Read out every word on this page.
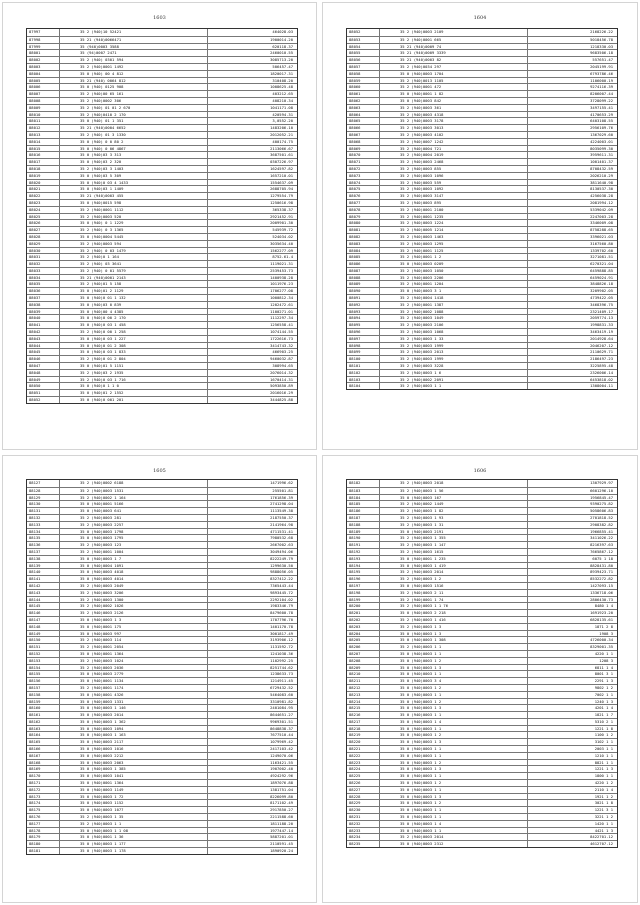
1603
87997	35 2 (940)10 52421	464028.03
87998	35 21 (940)0066471	1900014.20
87999	35 (940)0003 3588	620118.37
88001	35 (94)0007 2471	2460010.55
88002	35 2 (940) 0301 594	3085713.20
88003	35 2 (940)0001 1492	506457.47
88004	35 0 (940) 00 4 812	1820017.31
88005	35 21 (940) 0064 812	310408.20
88006	35 0 (940) 0125 908	1008625.48
88007	35 2 (940)00 65 161	403212.65
88008	35 2 (940)0002 306	408210.34
88009	35 2 (940) 01 01 2 670	1041171.08
88010	35 2 (940)0410 2 170	420594.31
88011	35 0 (940) 01 1 351	3,0552.20
88012	35 21 (940)0004 6652	1483206.10
88013	35 2 (940) 01 3 1330	2012052.21
88014	35 0 (940) 0 0 80 2	400174.75
88015	35 0 (940) 0 06 4867	2113066.67
88016	35 0 (940)03 3 313	3687501.61
88017	35 0 (940)03 2 320	0307226.97
88018	35 2 (940)03 3 1403	1624597.82
88019	35 0 (940)03 5 309	1657210.01
88020	35 0 (940)0 03 4 1433	1554637.09
88021	35 0 (940)03 1 1409	2688705.94
88022	35 21 (940)0003 455	1279554.79
88023	35 0 (940)0015 598	1250616.98
88024	35 2 (940)0001 1112	365338.37
88025	35 2 (940)0003 520	2921452.91
88026	35 0 (940) 0 1 1229	2009901.30
88027	35 2 (940) 0 3 1365	545939.72
88028	35 0 (940)0004 5445	524034.02
88029	35 2 (940)0003 594	3035634.40
88030	35 2 (940) 0 03 1479	1562277.09
88031	35 2 (940)0 1 164	8752.61.4
88032	35 2 (940) 03 3641	1119021.31
88033	35 2 (940) 0 01 5579	2539453.73
88034	35 21 (940)0001 2143	1400938.28
88035	35 2 (940)01 5 158	1011976.23
88036	35 0 (940)01 2 1129	1706277.08
88037	35 0 (940)0 01 1 132	1000812.34
88038	35 0 (940)03 0 839	1202472.61
88039	35 0 (940)00 4 4385	1100271.01
88040	35 0 (940)0 00 2 170	1112297.34
88041	35 0 (940)0 03 1 458	1256558.41
88042	35 2 (940)0 00 1 258	1074144.55
88043	35 0 (940)0 03 1 227	1722616.73
88044	35 0 (940)0 01 2 308	3414743.32
88045	35 0 (940)0 03 1 833	466903.25
88046	35 2 (940)0 01 2 804	9460032.87
88047	35 0 (940)01 5 1151	308994.65
88048	35 2 (940)03 2 1935	2076014.32
88049	35 2 (940)0 03 1 716	1670414.31
88050	35 0 (940)0 1 1 0	5093850.89
88051	35 0 (940)01 2 1552	2016016.29
88052	35 0 (940)0 001 201	3444825.88
1604
88052	35 2 (940)0003 2109	2168226.22
88053	35 2 (940)0001 665	5018456.78
88054	35 21 (940)0009 74	1218330.03
88055	35 21 (940)0009 3339	9683506.18
88056	35 21 (940)0003 82	557651.47
88057	35 2 (940)0034 297	2045199.91
88058	35 0 (940)0003 1704	6793786.46
88059	35 2 (940)0013 1105	1106000.19
88060	35 2 (940)0001 472	9274116.39
88061	35 0 (940)0001 1 82	8206007.44
88062	35 0 (940)0003 842	3728099.22
88063	35 2 (940)0003 361	3497155.41
88064	35 2 (940)0003 4318	4170653.29
88065	35 2 (940)0003 3178	6403108.55
88066	35 2 (940)0003 3013	2956109.76
88067	35 2 (940)0003 4102	1367029.60
88068	35 2 (940)0007 1242	4224003.01
88069	35 2 (940)0004 721	8035099.30
88070	35 2 (940)0004 2019	3959611.31
88071	35 2 (940)0003 2468	1001401.37
88072	35 2 (940)0003 855	8708432.59
88073	35 2 (940)0003 1096	2026210.29
88074	35 2 (940)0003 559	3811640.98
88075	35 2 (940)0003 1092	8130537.30
88076	35 2 (940)0003 3147	4256038.28
88077	35 2 (940)0003 895	2081994.12
88078	35 2 (940)0001 2100	5339042.09
88079	35 2 (940)0001 1235	2247003.28
88080	35 2 (940)0003 1224	3346009.08
88081	35 2 (940)0005 1214	8758288.65
88082	35 2 (940)0003 1463	3396021.03
88083	35 2 (940)0003 1295	3167560.80
88084	35 2 (940)0001 1125	1339702.60
88085	35 2 (940)0001 1 2	3271081.51
88086	35 0 (940)0003 0209	6270321.04
88087	35 2 (940)0003 1050	6459888.85
88088	35 2 (940)0003 2206	6459024.91
88089	35 2 (940)0001 1204	3848826.18
88090	35 0 (940)0003 3 1	3209902.05
88091	35 2 (940)0004 1418	4739422.05
88092	35 2 (940)0001 1387	3468396.75
88093	35 2 (940)0002 1088	2321409.17
88094	35 2 (940)0003 1049	2059774.13
88095	35 2 (940)0003 2106	1998831.33
88096	35 2 (940)0003 1068	3463419.19
88097	35 2 (940)0003 1 33	2014928.64
88098	35 2 (940)0003 1999	2046207.12
88099	35 2 (940)0003 2013	2110629.71
88100	35 2 (940)0003 1999	2186497.23
88101	35 2 (940)0003 3228	3225895.48
88102	35 2 (940)0003 1 6	2326006.14
88103	35 2 (940)0002 2091	6453818.02
88104	35 2 (940)0003 1 1	1308004.11
1605
88127	35 2 (940)0002 6188	1471996.62
88128	35 2 (940)0003 1531	255501.81
88129	35 2 (940)0002 1 164	1761856.39
88130	35 0 (940)0001 5166	2741298.04
88131	35 0 (940)0003 641	1113549.38
88132	35 2 (940)0003 281	2187550.37
88133	35 2 (940)0003 2257	2141964.98
88134	35 0 (940)0003 1798	4711531.41
88135	35 0 (940)0003 1795	7980532.68
88136	35 2 (940)0003 123	2667002.63
88137	35 2 (940)0001 1004	3049494.06
88138	35 0 (940)0003 1 7	8222249.79
88139	35 0 (940)0004 1091	1299630.50
88140	35 0 (940)0003 4018	9888056.05
88141	35 0 (940)0003 4014	8327412.22
88142	35 2 (940)0003 2049	7365443.44
88143	35 2 (940)0003 3206	9893445.72
88144	35 2 (940)0003 1300	2292104.02
88145	35 2 (940)0002 1026	1983346.79
88146	35 2 (940)0003 2126	8479600.78
88147	35 0 (940)0003 1 3	1707796.70
88148	35 0 (940)0001 175	1401170.78
88149	35 0 (940)0003 997	3001817.49
88150	35 2 (940)0003 114	3193906.12
88151	35 2 (940)0001 2054	1131592.72
88152	35 0 (940)0001 1364	1241038.36
88153	35 2 (940)0003 1024	1102992.25
88154	35 2 (940)0003 2036	8251744.62
88155	35 0 (940)0003 2779	1238633.73
88156	35 0 (940)0001 1134	1214911.45
88157	35 2 (940)0001 1174	6729432.52
88158	35 0 (940)0001 4326	5464083.60
88159	35 0 (940)0003 1331	3310981.82
88160	35 0 (940)0003 1 146	2401084.95
88161	35 0 (940)0003 2014	8644651.27
88162	35 0 (940)0003 1 362	9969301.51
88163	35 0 (940)0003 1094	8648838.37
88164	35 0 (940)0003 1 163	7677510.44
88165	35 0 (940)0003 2117	1079969.42
88166	35 0 (940)0003 1016	2417103.42
88167	35 0 (940)0003 2212	1249070.06
88168	35 0 (940)0003 2063	1163421.55
88169	35 0 (940)0003 1 385	1907002.40
88170	35 0 (940)0003 1041	4924292.96
88171	35 0 (940)0001 1364	1897076.88
88172	35 0 (940)0003 1149	1381751.04
88173	35 0 (940)0003 1 72	8226099.80
88174	35 0 (940)0003 1152	8171102.49
88175	35 0 (940)0003 1077	2917850.27
88176	35 2 (940)0003 1 35	2211588.60
88177	35 2 (940)0003 1 1	1811188.20
88178	35 0 (940)0003 1 1 08	1977447.14
88179	35 0 (940)0001 1 36	5887201.01
88180	35 0 (940)0003 1 177	2110591.45
88181	35 0 (940)0003 1 178	1890920.24
1606
88182	35 2 (940)0003 2018	1307929.97
88183	35 2 (940)0003 1 56	6601296.10
88184	35 0 (940)0003 167	1956845.47
88185	35 2 (940)0002 1449	9390275.82
88186	35 2 (940)0003 1 82	5058606.83
88187	35 2 (940)0003 1 93	2701818.52
88188	35 2 (940)0003 1 31	2908382.82
88189	35 0 (940)0003 2191	1966855.41
88190	35 2 (940)0003 1 355	3411026.22
88191	35 2 (940)0003 1 147	8216397.63
88192	35 2 (940)0003 1615	7665867.12
88193	35 0 (940)0001 1 235	6075 1 18
88194	35 0 (940)0003 1 419	8828431.80
88195	35 2 (940)0003 2014	8939423.71
88196	35 2 (940)0003 1 2	8532272.82
88197	35 0 (940)0003 1516	1427093.15
88198	35 2 (940)0003 2 11	1336718.06
88199	35 2 (940)0001 1 74	2806430.73
88200	35 2 (940)0003 1 1 76	8480 1 4
88201	35 0 (940)0003 2 218	1691923.20
88202	35 2 (940)0003 1 416	6828135.61
88203	35 2 (940)0003 1 3	1871 2 8
88204	35 0 (940)0003 1 3	1908 3
88205	35 0 (940)0003 1 308	4726000.34
88206	35 2 (940)0003 1 1	8329001.35
88207	35 0 (940)0003 1 1	4220 1 1
88208	35 0 (940)0003 1 2	1208 3
88209	35 0 (940)0003 1 3	6811 1 4
88210	35 0 (940)0003 1 1	8001 3 1
88211	35 0 (940)0003 3 4	2291 1 3
88212	35 0 (940)0003 1 2	9802 1 2
88213	35 0 (940)0003 1 1	7002 1 1
88214	35 0 (940)0003 1 2	1240 1 3
88215	35 0 (940)0003 1 3	4201 1 4
88216	35 0 (940)0003 1 1	1821 1 7
88217	35 0 (940)0003 1 4	5310 2 1
88218	35 0 (940)0003 1 1	1221 1 8
88219	35 0 (940)0003 1 2	1100 1 2
88220	35 0 (940)0003 1 3	3102 1 1
88221	35 0 (940)0003 1 1	2003 1 1
88222	35 0 (940)0003 1 1	1210 1 1
88223	35 0 (940)0003 1 2	8821 1 1
88224	35 0 (940)0003 1 3	1221 1 3
88225	35 0 (940)0003 1 1	1800 1 1
88226	35 0 (940)0003 1 2	4220 1 2
88227	35 0 (940)0003 1 1	2110 1 4
88228	35 0 (940)0003 1 3	1921 1 2
88229	35 0 (940)0003 1 2	3021 1 8
88230	35 0 (940)0003 1 1	1221 3 1
88231	35 0 (940)0003 1 1	3221 1 2
88232	35 0 (940)0003 1 4	1420 1 1
88233	35 0 (940)0003 1 1	4421 1 3
88234	35 2 (940)0003 2014	8422701.12
88235	35 0 (940)0003 2312	4612707.12
